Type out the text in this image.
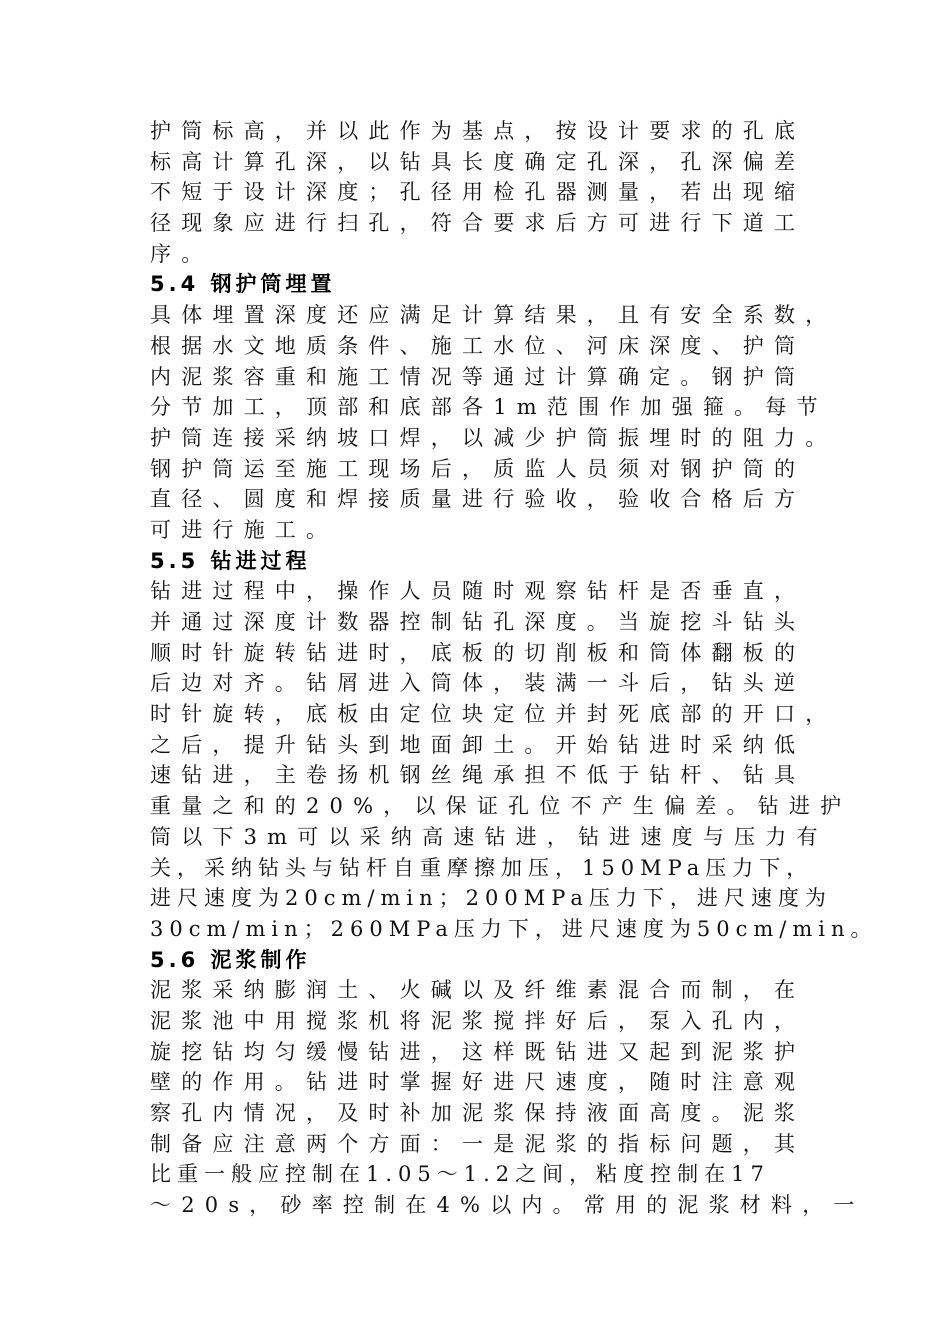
护筒标高，并以此作为基点，按设计要求的孔底
标高计算孔深，以钻具长度确定孔深，孔深偏差
不短于设计深度；孔径用检孔器测量，若出现缩
径现象应进行扫孔，符合要求后方可进行下道工
序。
5.4 钢护筒埋置
具体埋置深度还应满足计算结果，且有安全系数，
根据水文地质条件、施工水位、河床深度、护筒
内泥浆容重和施工情况等通过计算确定。钢护筒
分节加工，顶部和底部各1m范围作加强箍。每节
护筒连接采纳坡口焊，以减少护筒振埋时的阻力。
钢护筒运至施工现场后，质监人员须对钢护筒的
直径、圆度和焊接质量进行验收，验收合格后方
可进行施工。
5.5 钻进过程
钻进过程中，操作人员随时观察钻杆是否垂直，
并通过深度计数器控制钻孔深度。当旋挖斗钻头
顺时针旋转钻进时，底板的切削板和筒体翻板的
后边对齐。钻屑进入筒体，装满一斗后，钻头逆
时针旋转，底板由定位块定位并封死底部的开口，
之后，提升钻头到地面卸土。开始钻进时采纳低
速钻进，主卷扬机钢丝绳承担不低于钻杆、钻具
重量之和的20%，以保证孔位不产生偏差。钻进护
筒以下3m可以采纳高速钻进，钻进速度与压力有
关，采纳钻头与钻杆自重摩擦加压，150MPa压力下，
进尺速度为20cm/min；200MPa压力下，进尺速度为
30cm/min；260MPa压力下，进尺速度为50cm/min。
5.6 泥浆制作
泥浆采纳膨润土、火碱以及纤维素混合而制，在
泥浆池中用搅浆机将泥浆搅拌好后，泵入孔内，
旋挖钻均匀缓慢钻进，这样既钻进又起到泥浆护
壁的作用。钻进时掌握好进尺速度，随时注意观
察孔内情况，及时补加泥浆保持液面高度。泥浆
制备应注意两个方面：一是泥浆的指标问题，其
比重一般应控制在1.05～1.2之间，粘度控制在17
～20s，砂率控制在4%以内。常用的泥浆材料，一
